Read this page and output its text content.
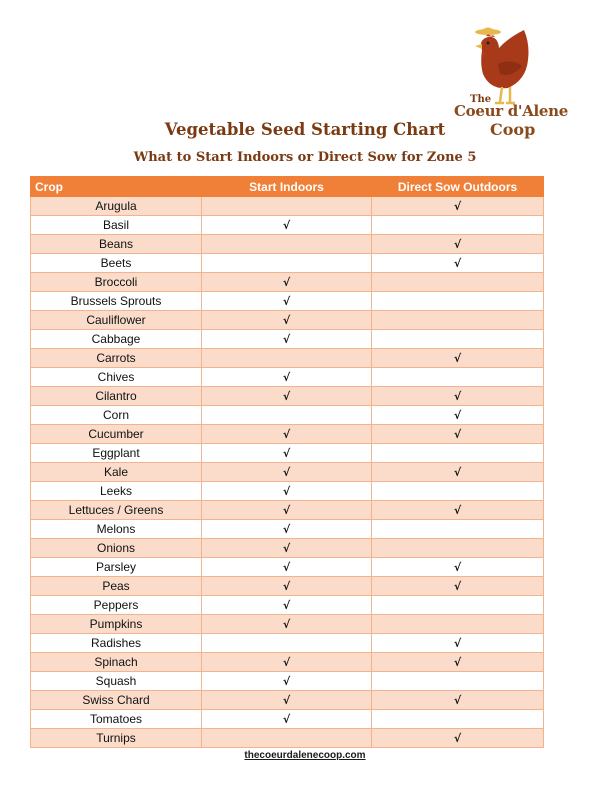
The
Coeur d'Alene
Coop
Vegetable Seed Starting Chart
What to Start Indoors or Direct Sow for Zone 5
Crop	Start Indoors	Direct Sow Outdoors
Arugula		√
Basil	√	
Beans		√
Beets		√
Broccoli	√	
Brussels Sprouts	√	
Cauliflower	√	
Cabbage	√	
Carrots		√
Chives	√	
Cilantro	√	√
Corn		√
Cucumber	√	√
Eggplant	√	
Kale	√	√
Leeks	√	
Lettuces / Greens	√	√
Melons	√	
Onions	√	
Parsley	√	√
Peas	√	√
Peppers	√	
Pumpkins	√	
Radishes		√
Spinach	√	√
Squash	√	
Swiss Chard	√	√
Tomatoes	√	
Turnips		√
thecoeurdalenecoop.com
